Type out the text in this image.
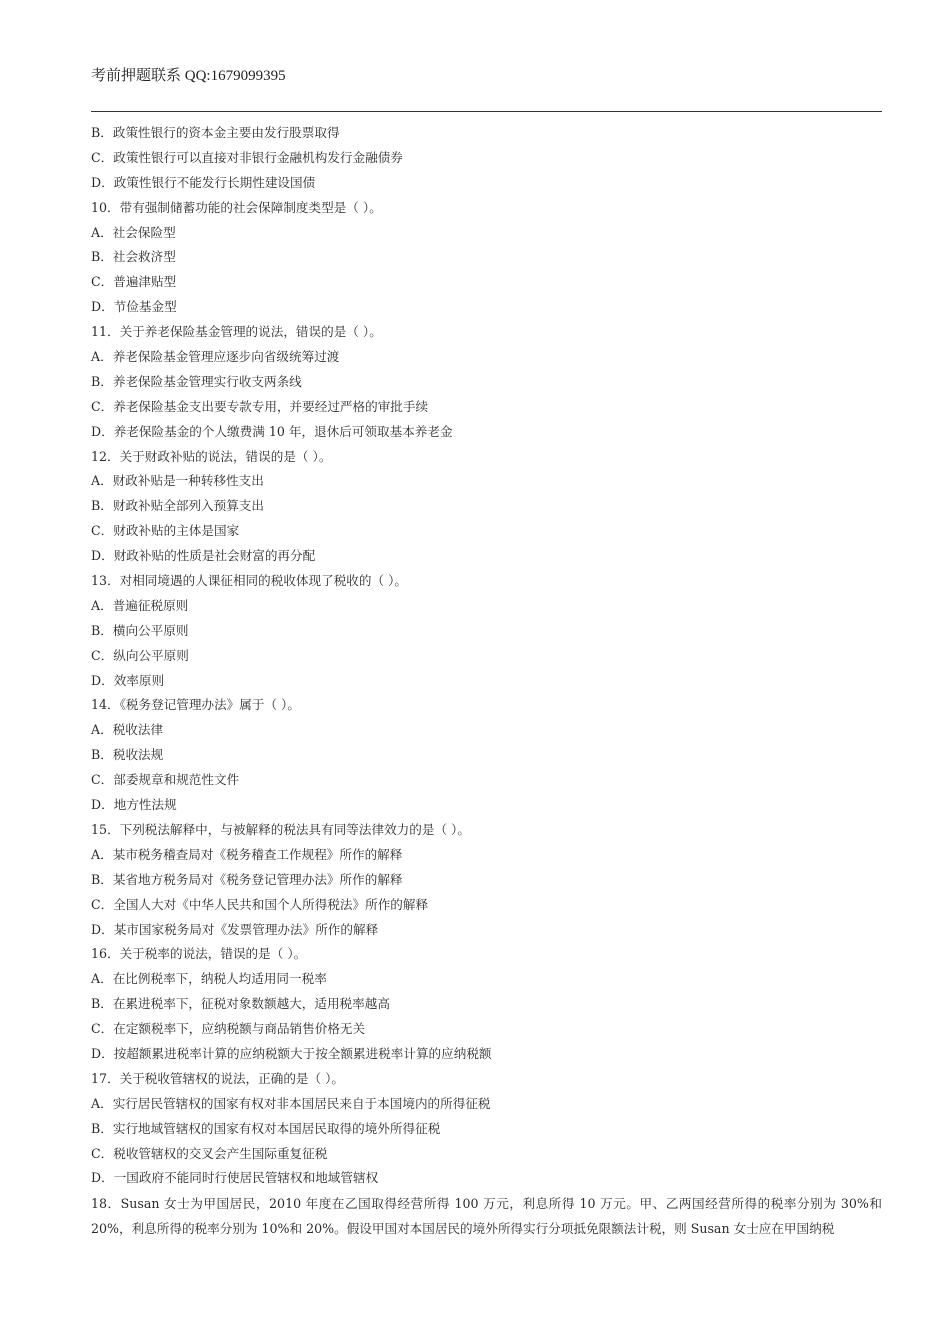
考前押题联系 QQ:1679099395
B．政策性银行的资本金主要由发行股票取得
C．政策性银行可以直接对非银行金融机构发行金融债券
D．政策性银行不能发行长期性建设国债
10．带有强制储蓄功能的社会保障制度类型是（ ）。
A．社会保险型
B．社会救济型
C．普遍津贴型
D．节俭基金型
11．关于养老保险基金管理的说法，错误的是（ ）。
A．养老保险基金管理应逐步向省级统筹过渡
B．养老保险基金管理实行收支两条线
C．养老保险基金支出要专款专用，并要经过严格的审批手续
D．养老保险基金的个人缴费满 10 年，退休后可领取基本养老金
12．关于财政补贴的说法，错误的是（ ）。
A．财政补贴是一种转移性支出
B．财政补贴全部列入预算支出
C．财政补贴的主体是国家
D．财政补贴的性质是社会财富的再分配
13．对相同境遇的人课征相同的税收体现了税收的（ ）。
A．普遍征税原则
B．横向公平原则
C．纵向公平原则
D．效率原则
14．《税务登记管理办法》属于（ ）。
A．税收法律
B．税收法规
C．部委规章和规范性文件
D．地方性法规
15．下列税法解释中，与被解释的税法具有同等法律效力的是（ ）。
A．某市税务稽查局对《税务稽查工作规程》所作的解释
B．某省地方税务局对《税务登记管理办法》所作的解释
C．全国人大对《中华人民共和国个人所得税法》所作的解释
D．某市国家税务局对《发票管理办法》所作的解释
16．关于税率的说法，错误的是（ ）。
A．在比例税率下，纳税人均适用同一税率
B．在累进税率下，征税对象数额越大，适用税率越高
C．在定额税率下，应纳税额与商品销售价格无关
D．按超额累进税率计算的应纳税额大于按全额累进税率计算的应纳税额
17．关于税收管辖权的说法，正确的是（ ）。
A．实行居民管辖权的国家有权对非本国居民来自于本国境内的所得征税
B．实行地域管辖权的国家有权对本国居民取得的境外所得征税
C．税收管辖权的交叉会产生国际重复征税
D．一国政府不能同时行使居民管辖权和地域管辖权
18．Susan 女士为甲国居民，2010 年度在乙国取得经营所得 100 万元，利息所得 10 万元。甲、乙两国经营所得的税率分别为 30%和 20%，利息所得的税率分别为 10%和 20%。假设甲国对本国居民的境外所得实行分项抵免限额法计税，则 Susan 女士应在甲国纳税
